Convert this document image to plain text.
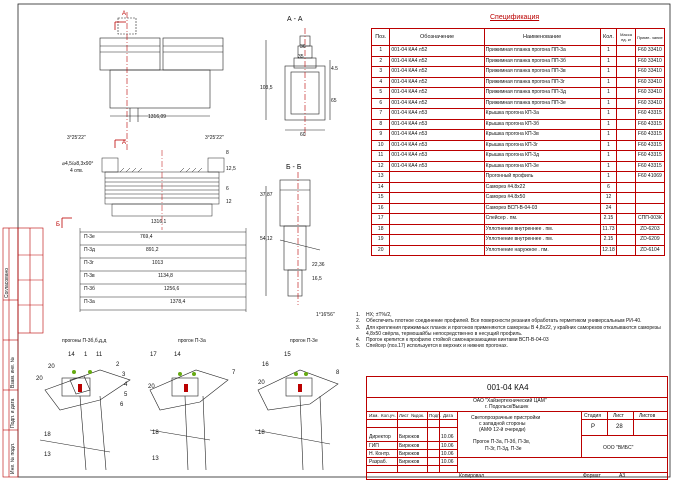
А
А
А - А
Б - Б
Б
1316,09
3°25'22"	3°25'22"
⌀4,5/⌀8,3х90°
4 отв.
1316,1
8
12,5
6
12
36
35
4.5
103,5
65
60
37,87
54,12
22,36
16,5
1°16'56"
П-3е	769,4
П-3д	891,2
П-3г	1013
П-3в	1134,8
П-3б	1256,6
П-3а	1378,4
прогоны П-3б,б,д,д	прогон П-3а	прогон П-3е
20
20
14 1 11
2
3
4
5
6
13
18
17	14
7
20
18
13
16
15
20
8
18
Согласовано
Взам. инв. №
Подп. и дата
Инв. № подл.
Спецификация
Поз.	Обозначение	Наименование	Кол.	Масса ед. кг	Приме- чание
1	001-04 КА4 л52	Прижимная планка прогона ПП-3а	1		F60 33410
2	001-04 КА4 л52	Прижимная планка прогона ПП-3б	1		F60 33410
3	001-04 КА4 л52	Прижимная планка прогона ПП-3в	1		F60 33410
4	001-04 КА4 л52	Прижимная планка прогона ПП-3г	1		F60 33410
5	001-04 КА4 л52	Прижимная планка прогона ПП-3д	1		F60 33410
6	001-04 КА4 л52	Прижимная планка прогона ПП-3е	1		F60 33410
7	001-04 КА4 л53	Крышка прогона КП-3а	1		F60 43315
8	001-04 КА4 л53	Крышка прогона КП-3б	1		F60 43315
9	001-04 КА4 л53	Крышка прогона КП-3в	1		F60 43315
10	001-04 КА4 л53	Крышка прогона КП-3г	1		F60 43315
11	001-04 КА4 л53	Крышка прогона КП-3д	1		F60 43315
12	001-04 КА4 л53	Крышка прогона КП-3е	1		F60 43315
13		Прогонный профиль	1		F60 41069
14		Саморез #4.8х22	6		
15		Саморез #4.8х50	12		
16		Саморез ВСП-В-04-03	24		
17		Спейсер . пм.	2.15		СПП-003К
18		Уплотнение внутреннее . пм.	11.73		ZD-6203
19		Уплотнение внутреннее . пм.	2.15		ZD-6209
20		Уплотнение наружное . пм.	12.18		ZD-6104
1.	НХ; ±Т%/2,
2.	Обеспечить плотное соединение профилей. Все поверхности резания обработать герметиком универсальным РИ-40.
3.	Для крепления прижимных планок и прогонов применяются саморезы В 4,8х22, у крайних саморезов откалываются саморезы 4,8х50 свёрла, термошайбы непосредственно в несущий профиль.
4.	Прогон крепится к профилю стойкой самонарезающими винтами ВСП-В-04-03
5.	Спейсер (поз.17) используется в верхних и нижних прогонах.
001-04 КА4
ОАО "Хайзертехнический ЦАМ"
г. Подольск/Вышек
Изм. Кол.уч. Лист №док. Подп. Дата
Директор Бирюков	10.06
ГИП	Бирюков	10.06
Н. Контр. Бирюков	10.06
Разраб. Бирюков	10.06
Светопрозрачные пристройки
с западной стороны
(АМФ 12-й очереди)
Прогон П-3а, П-3б, П-3в,
П-3г, П-3д, П-3е
Стадия Лист	Листов
Р	28
ООО "ВИБС"
Копировал	Формат	А3
